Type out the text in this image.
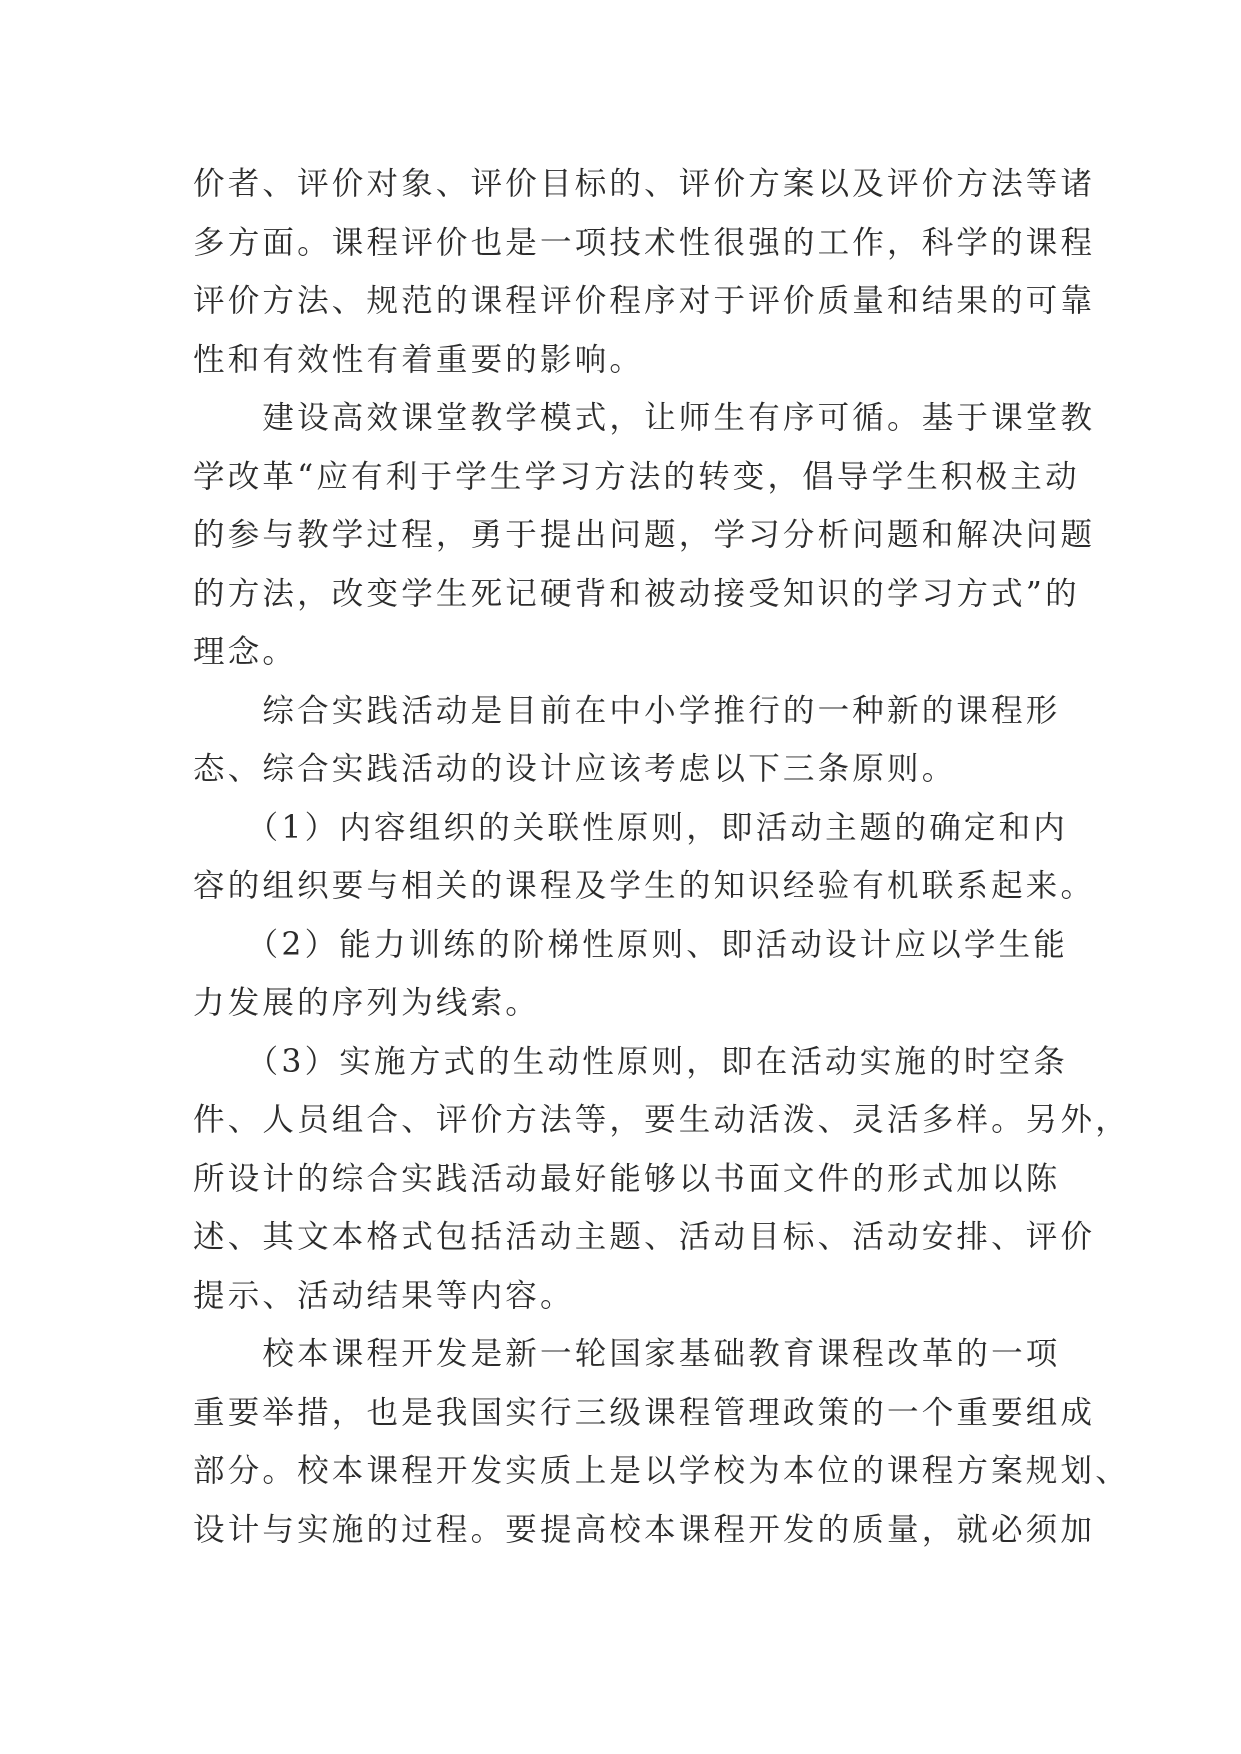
价者、评价对象、评价目标的、评价方案以及评价方法等诸
多方面。课程评价也是一项技术性很强的工作，科学的课程
评价方法、规范的课程评价程序对于评价质量和结果的可靠
性和有效性有着重要的影响。
　　建设高效课堂教学模式，让师生有序可循。基于课堂教
学改革“应有利于学生学习方法的转变，倡导学生积极主动
的参与教学过程，勇于提出问题，学习分析问题和解决问题
的方法，改变学生死记硬背和被动接受知识的学习方式”的
理念。
　　综合实践活动是目前在中小学推行的一种新的课程形
态、综合实践活动的设计应该考虑以下三条原则。
　　（1）内容组织的关联性原则，即活动主题的确定和内
容的组织要与相关的课程及学生的知识经验有机联系起来。
　　（2）能力训练的阶梯性原则、即活动设计应以学生能
力发展的序列为线索。
　　（3）实施方式的生动性原则，即在活动实施的时空条
件、人员组合、评价方法等，要生动活泼、灵活多样。另外，
所设计的综合实践活动最好能够以书面文件的形式加以陈
述、其文本格式包括活动主题、活动目标、活动安排、评价
提示、活动结果等内容。
　　校本课程开发是新一轮国家基础教育课程改革的一项
重要举措，也是我国实行三级课程管理政策的一个重要组成
部分。校本课程开发实质上是以学校为本位的课程方案规划、
设计与实施的过程。要提高校本课程开发的质量，就必须加
